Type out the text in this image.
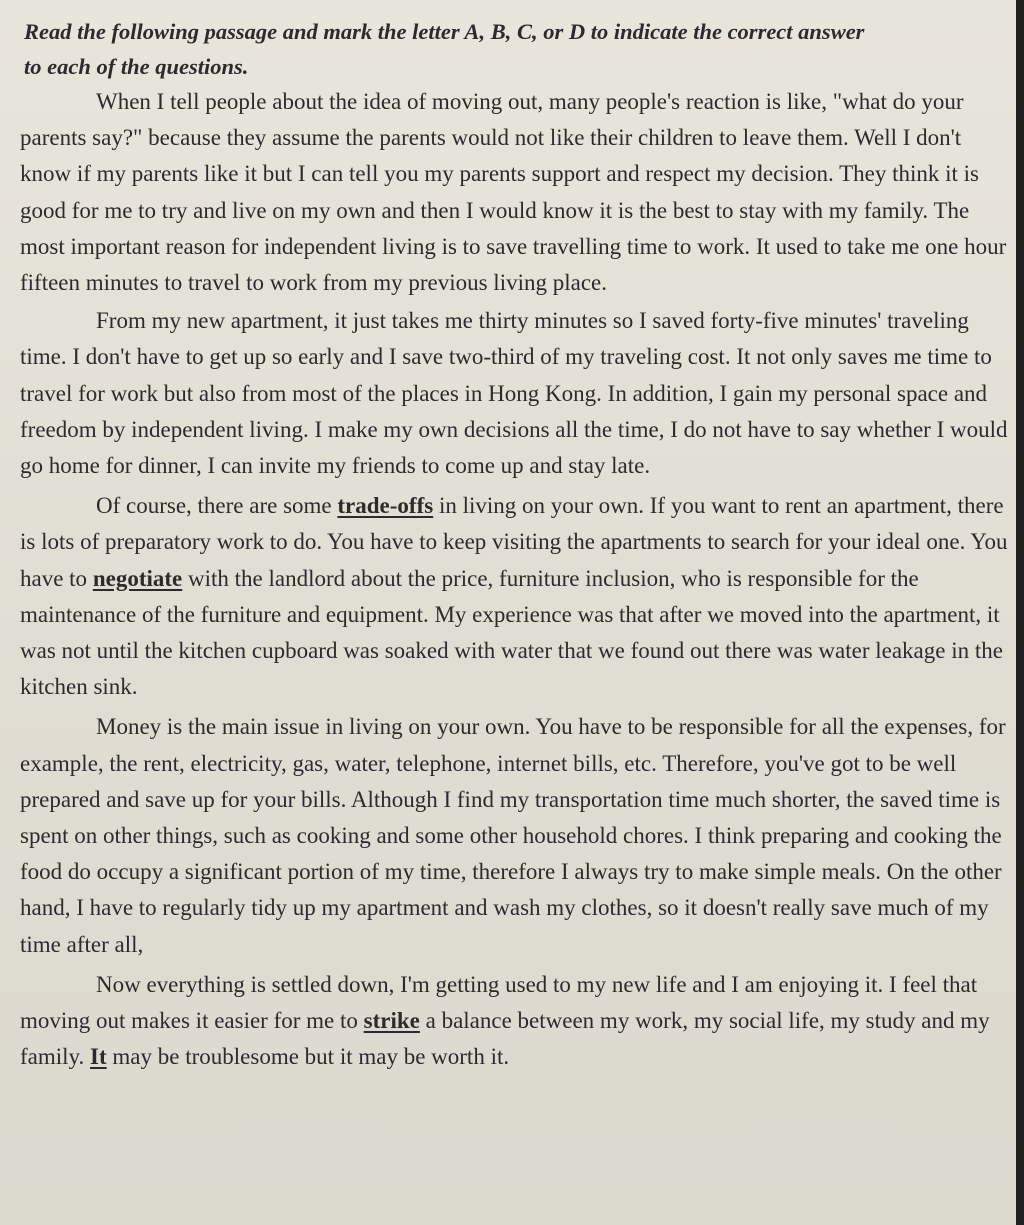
Read the following passage and mark the letter A, B, C, or D to indicate the correct answer
to each of the questions.

When I tell people about the idea of moving out, many people's reaction is like, "what do your parents say?" because they assume the parents would not like their children to leave them. Well I don't know if my parents like it but I can tell you my parents support and respect my decision. They think it is good for me to try and live on my own and then I would know it is the best to stay with my family. The most important reason for independent living is to save travelling time to work. It used to take me one hour fifteen minutes to travel to work from my previous living place.

From my new apartment, it just takes me thirty minutes so I saved forty-five minutes' traveling time. I don't have to get up so early and I save two-third of my traveling cost. It not only saves me time to travel for work but also from most of the places in Hong Kong. In addition, I gain my personal space and freedom by independent living. I make my own decisions all the time, I do not have to say whether I would go home for dinner, I can invite my friends to come up and stay late.

Of course, there are some trade-offs in living on your own. If you want to rent an apartment, there is lots of preparatory work to do. You have to keep visiting the apartments to search for your ideal one. You have to negotiate with the landlord about the price, furniture inclusion, who is responsible for the maintenance of the furniture and equipment. My experience was that after we moved into the apartment, it was not until the kitchen cupboard was soaked with water that we found out there was water leakage in the kitchen sink.

Money is the main issue in living on your own. You have to be responsible for all the expenses, for example, the rent, electricity, gas, water, telephone, internet bills, etc. Therefore, you've got to be well prepared and save up for your bills. Although I find my transportation time much shorter, the saved time is spent on other things, such as cooking and some other household chores. I think preparing and cooking the food do occupy a significant portion of my time, therefore I always try to make simple meals. On the other hand, I have to regularly tidy up my apartment and wash my clothes, so it doesn't really save much of my time after all,

Now everything is settled down, I'm getting used to my new life and I am enjoying it. I feel that moving out makes it easier for me to strike a balance between my work, my social life, my study and my family. It may be troublesome but it may be worth it.
